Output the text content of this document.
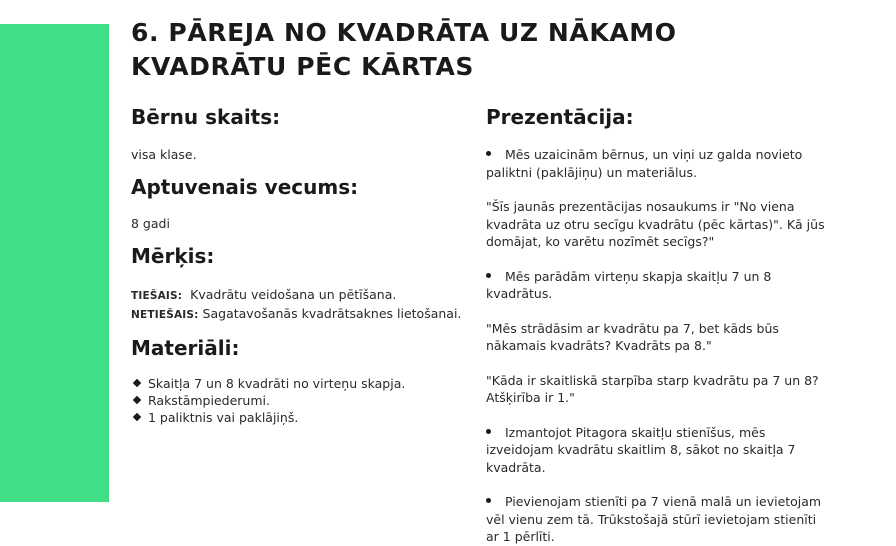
6. PĀREJA NO KVADRĀTA UZ NĀKAMO KVADRĀTU PĒC KĀRTAS
Bērnu skaits:

visa klase.

Aptuvenais vecums:

8 gadi

Mērķis:

TIEŠAIS: Kvadrātu veidošana un pētīšana.

NETIEŠAIS: Sagatavošanās kvadrātsaknes lietošanai.

Materiāli:
Skaitļa 7 un 8 kvadrāti no virteņu skapja.
Rakstāmpiederumi.
1 paliktnis vai paklājiņš.
Prezentācija:

Mēs uzaicinām bērnus, un viņi uz galda novieto paliktni (paklājiņu) un materiālus.

"Šīs jaunās prezentācijas nosaukums ir "No viena kvadrāta uz otru secīgu kvadrātu (pēc kārtas)". Kā jūs domājat, ko varētu nozīmēt secīgs?"

Mēs parādām virteņu skapja skaitļu 7 un 8 kvadrātus.

"Mēs strādāsim ar kvadrātu pa 7, bet kāds būs nākamais kvadrāts? Kvadrāts pa 8."

"Kāda ir skaitliskā starpība starp kvadrātu pa 7 un 8? Atšķirība ir 1."

Izmantojot Pitagora skaitļu stienīšus, mēs izveidojam kvadrātu skaitlim 8, sākot no skaitļa 7 kvadrāta.

Pievienojam stienīti pa 7 vienā malā un ievietojam vēl vienu zem tā. Trūkstošajā stūrī ievietojam stienīti ar 1 pērlīti.
